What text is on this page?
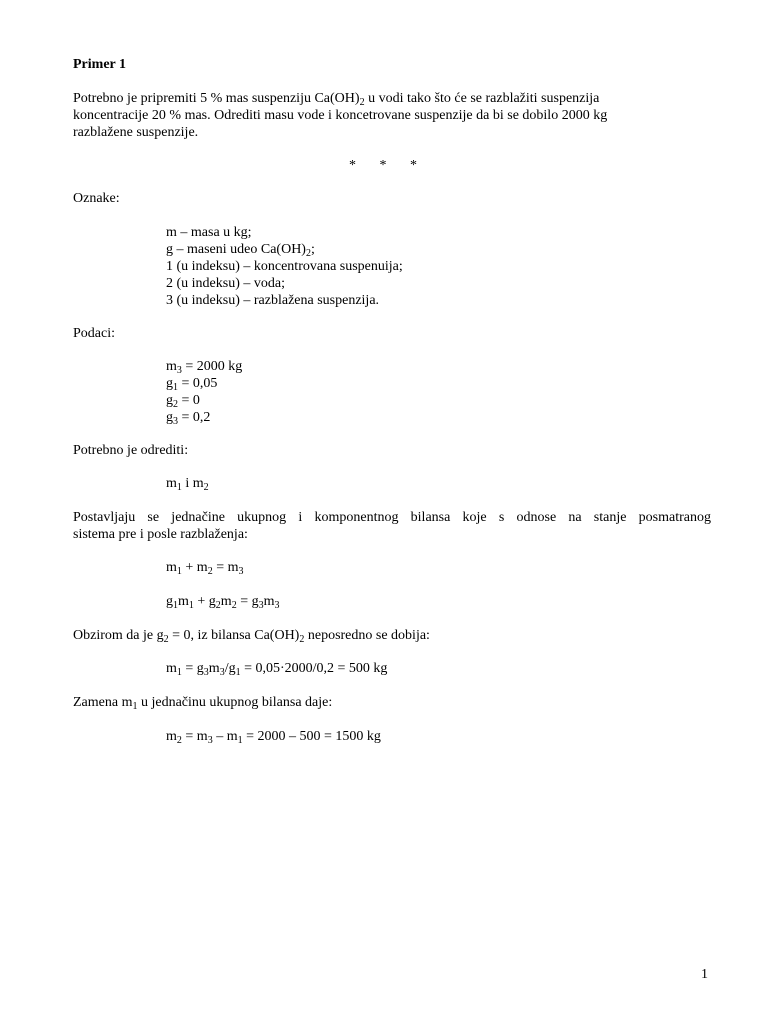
Primer 1
Potrebno je pripremiti 5 % mas suspenziju $Ca(OH)_2$ u vodi tako što će se razblažiti suspenzija
koncentracije 20 % mas. Odrediti masu vode i koncetrovane suspenzije da bi se dobilo 2000 kg
razblažene suspenzije.
* * *
Oznake:
m – masa u kg;
g – maseni udeo $Ca(OH)_2$;
1 (u indeksu) – koncentrovana suspenuija;
2 (u indeksu) – voda;
3 (u indeksu) – razblažena suspenzija.
Podaci:
$m_3 = 2000$ kg
$g_1 = 0,05$
$g_2 = 0$
$g_3 = 0,2$
Potrebno je odrediti:
$m_1$ i $m_2$
Postavljaju se jednačine ukupnog i komponentnog bilansa koje s odnose na stanje posmatranog
sistema pre i posle razblaženja:
$m_1 + m_2 = m_3$
$g_1m_1 + g_2m_2 = g_3m_3$
Obzirom da je $g_2 = 0$, iz bilansa $Ca(OH)_2$ neposredno se dobija:
$m_1 = g_3m_3/g_1 = 0,05\cdot 2000/0,2 = 500$ kg
Zamena $m_1$ u jednačinu ukupnog bilansa daje:
$m_2 = m_3 - m_1 = 2000 - 500 = 1500$ kg
1
